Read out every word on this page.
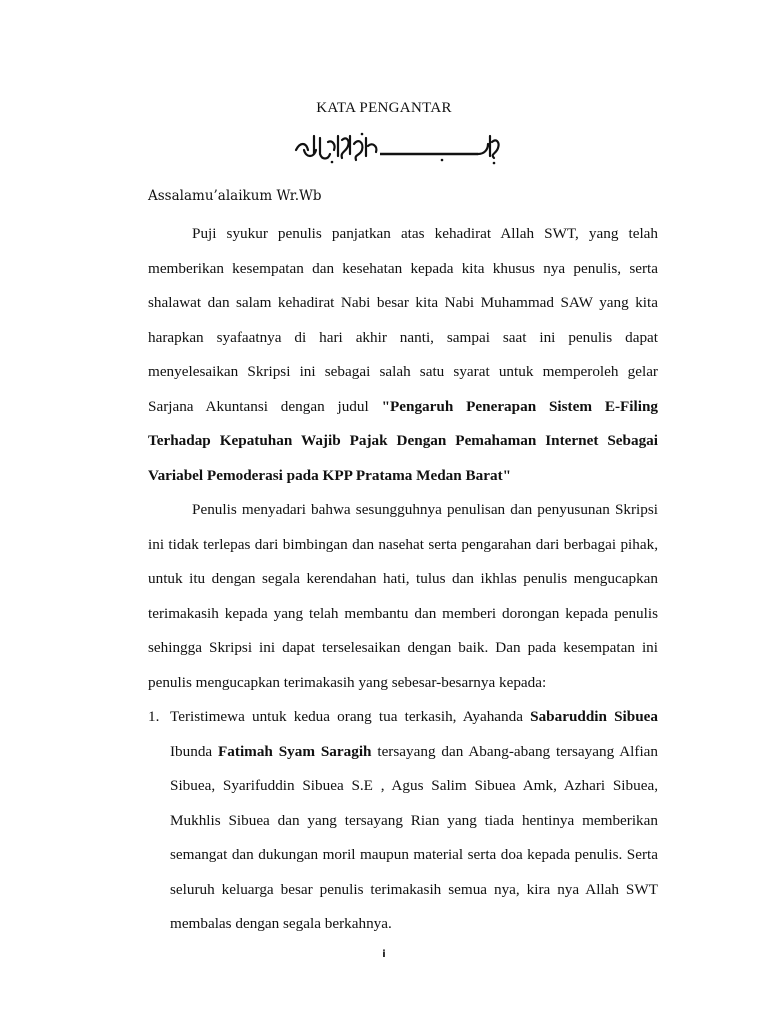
KATA PENGANTAR
Assalamu’alaikum Wr.Wb

Puji syukur penulis panjatkan atas kehadirat Allah SWT, yang telah memberikan kesempatan dan kesehatan kepada kita khusus nya penulis, serta shalawat dan salam kehadirat Nabi besar kita Nabi Muhammad SAW yang kita harapkan syafaatnya di hari akhir nanti, sampai saat ini penulis dapat menyelesaikan Skripsi ini sebagai salah satu syarat untuk memperoleh gelar Sarjana Akuntansi dengan judul "Pengaruh Penerapan Sistem E-Filing Terhadap Kepatuhan Wajib Pajak Dengan Pemahaman Internet Sebagai Variabel Pemoderasi pada KPP Pratama Medan Barat"

Penulis menyadari bahwa sesungguhnya penulisan dan penyusunan Skripsi ini tidak terlepas dari bimbingan dan nasehat serta pengarahan dari berbagai pihak, untuk itu dengan segala kerendahan hati, tulus dan ikhlas penulis mengucapkan terimakasih kepada yang telah membantu dan memberi dorongan kepada penulis sehingga Skripsi ini dapat terselesaikan dengan baik. Dan pada kesempatan ini penulis mengucapkan terimakasih yang sebesar-besarnya kepada:

1. Teristimewa untuk kedua orang tua terkasih, Ayahanda Sabaruddin Sibuea Ibunda Fatimah Syam Saragih tersayang dan Abang-abang tersayang Alfian Sibuea, Syarifuddin Sibuea S.E , Agus Salim Sibuea Amk, Azhari Sibuea, Mukhlis Sibuea dan yang tersayang Rian yang tiada hentinya memberikan semangat dan dukungan moril maupun material serta doa kepada penulis. Serta seluruh keluarga besar penulis terimakasih semua nya, kira nya Allah SWT membalas dengan segala berkahnya.
i
